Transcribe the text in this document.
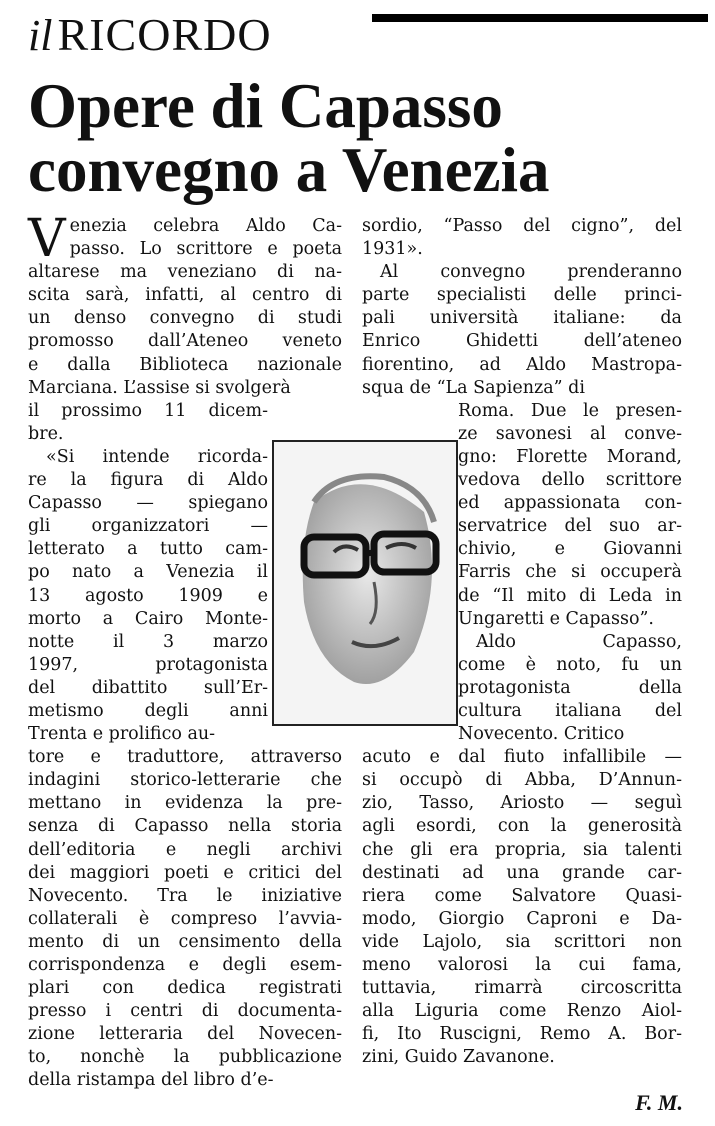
il RICORDO
Opere di Capasso
convegno a Venezia

V enezia celebra Aldo Ca-
passo. Lo scrittore e poeta
altarese ma veneziano di na-
scita sarà, infatti, al centro di
un denso convegno di studi
promosso dall’Ateneo veneto
e dalla Biblioteca nazionale
Marciana. L’assise si svolgerà

il prossimo 11 dicem-
bre.
«Si intende ricorda-
re la figura di Aldo
Capasso — spiegano
gli organizzatori —
letterato a tutto cam-
po nato a Venezia il
13 agosto 1909 e
morto a Cairo Monte-
notte il 3 marzo
1997, protagonista
del dibattito sull’Er-
metismo degli anni
Trenta e prolifico au-
tore e traduttore, attraverso
indagini storico-letterarie che
mettano in evidenza la pre-
senza di Capasso nella storia
dell’editoria e negli archivi
dei maggiori poeti e critici del
Novecento. Tra le iniziative
collaterali è compreso l’avvia-
mento di un censimento della
corrispondenza e degli esem-
plari con dedica registrati
presso i centri di documenta-
zione letteraria del Novecen-
to, nonchè la pubblicazione
della ristampa del libro d’e-
sordio, “Passo del cigno”, del
1931».
Al convegno prenderanno
parte specialisti delle princi-
pali università italiane: da
Enrico Ghidetti dell’ateneo
fiorentino, ad Aldo Mastropa-
squa de “La Sapienza” di
Roma. Due le presen-
ze savonesi al conve-
gno: Florette Morand,
vedova dello scrittore
ed appassionata con-
servatrice del suo ar-
chivio, e Giovanni
Farris che si occuperà
de “Il mito di Leda in
Ungaretti e Capasso”.
Aldo Capasso,
come è noto, fu un
protagonista della
cultura italiana del
Novecento. Critico
acuto e dal fiuto infallibile —
si occupò di Abba, D’Annun-
zio, Tasso, Ariosto — seguì
agli esordi, con la generosità
che gli era propria, sia talenti
destinati ad una grande car-
riera come Salvatore Quasi-
modo, Giorgio Caproni e Da-
vide Lajolo, sia scrittori non
meno valorosi la cui fama,
tuttavia, rimarrà circoscritta
alla Liguria come Renzo Aiol-
fi, Ito Ruscigni, Remo A. Bor-
zini, Guido Zavanone.
F. M.
